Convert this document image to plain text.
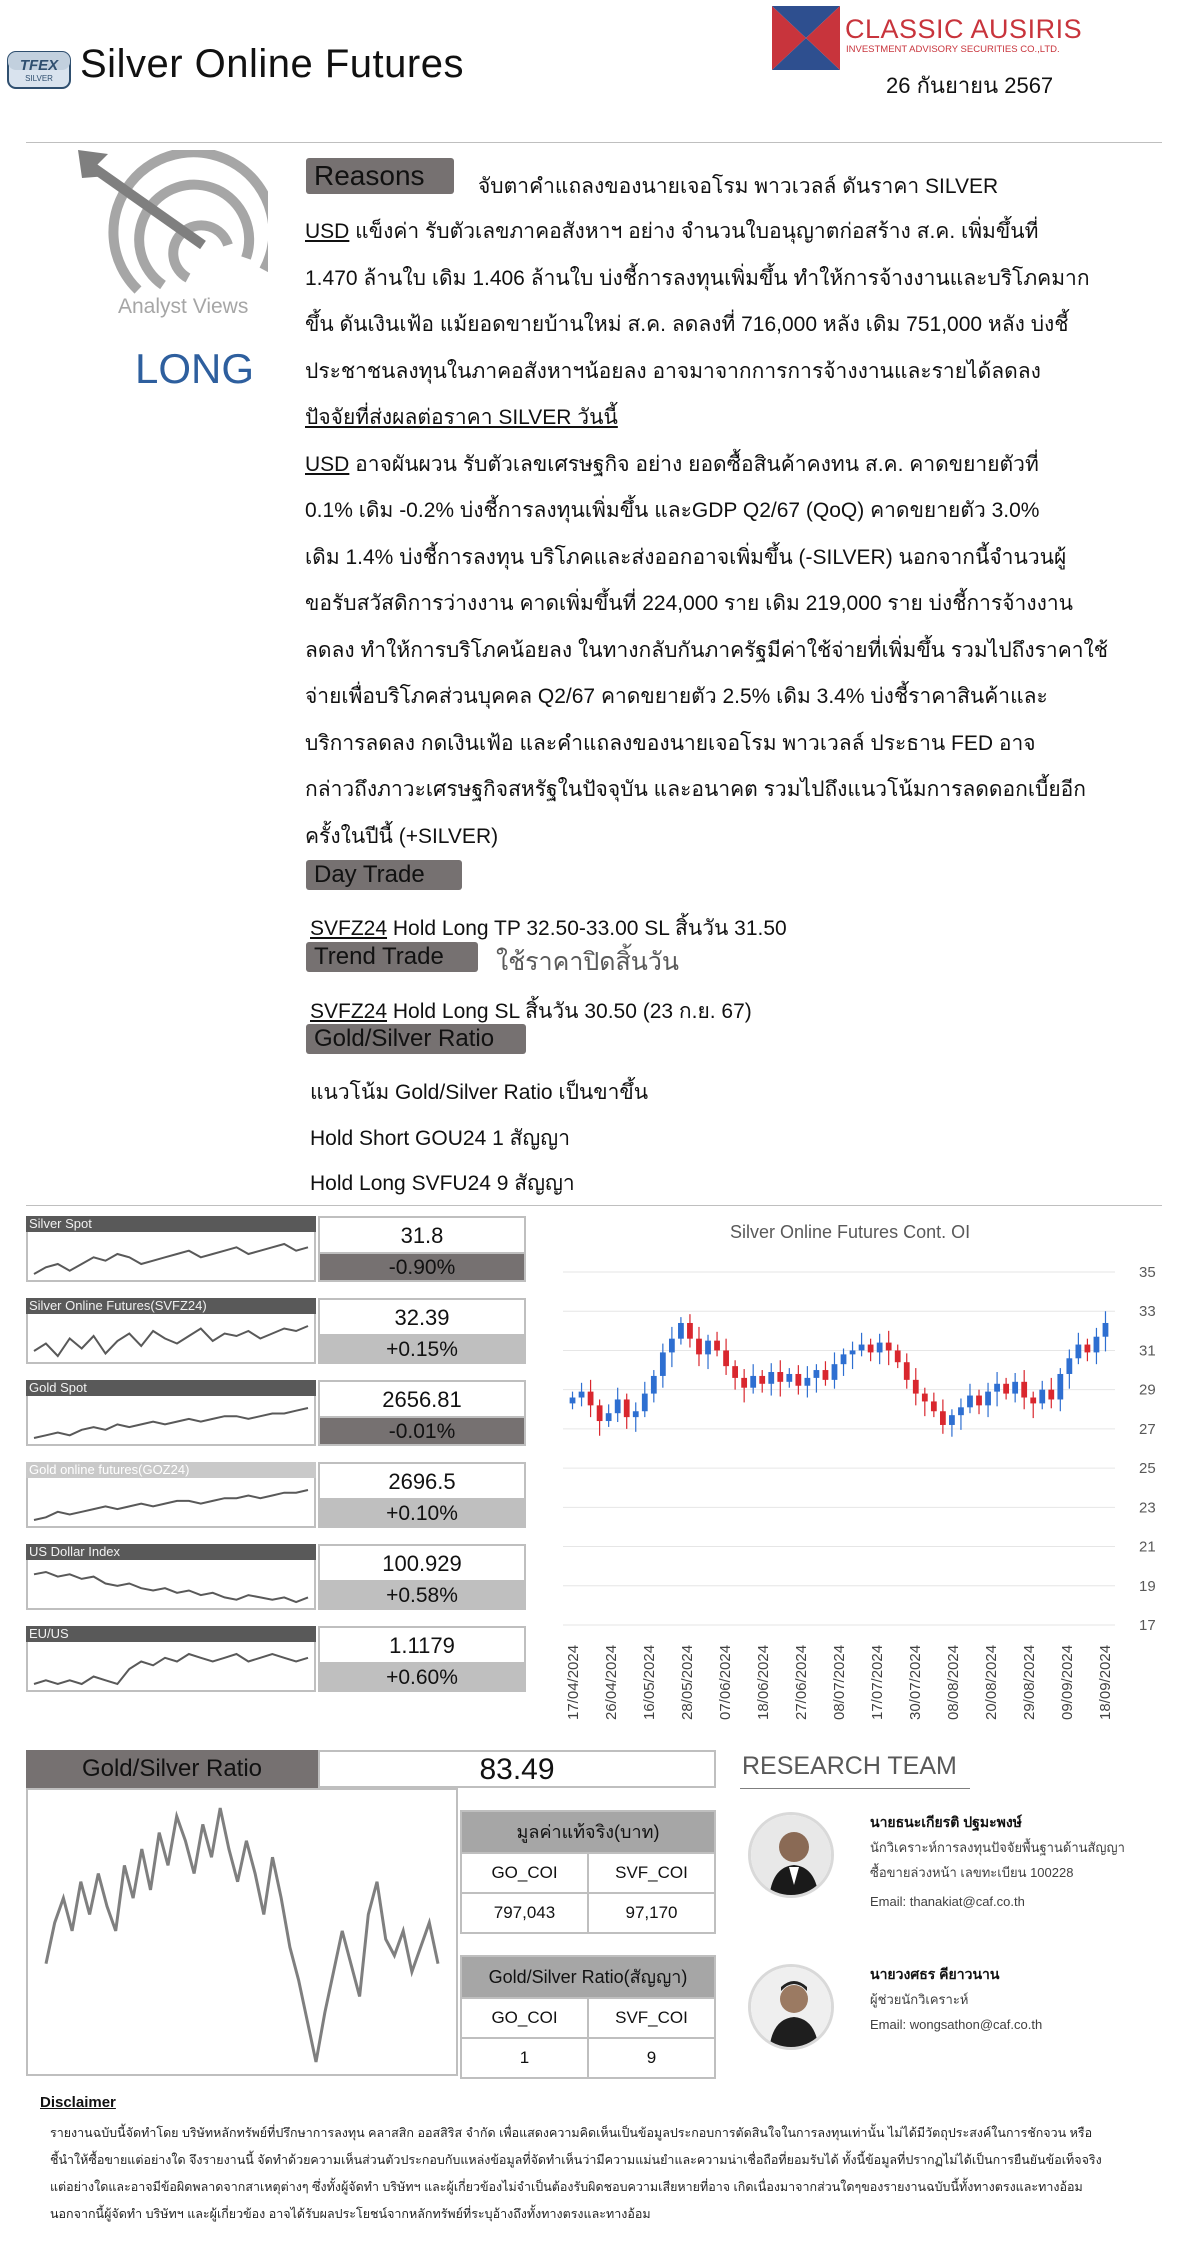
TFEX
SILVER Silver Online Futures
CLASSIC AUSIRIS
INVESTMENT ADVISORY SECURITIES CO.,LTD.
26 กันยายน 2567
Analyst Views
LONG
Reasons	จับตาคำแถลงของนายเจอโรม พาวเวลล์ ดันราคา SILVER
USD แข็งค่า รับตัวเลขภาคอสังหาฯ อย่าง จำนวนใบอนุญาตก่อสร้าง ส.ค. เพิ่มขึ้นที่
1.470 ล้านใบ เดิม 1.406 ล้านใบ บ่งชี้การลงทุนเพิ่มขึ้น ทำให้การจ้างงานและบริโภคมาก
ขึ้น ดันเงินเฟ้อ แม้ยอดขายบ้านใหม่ ส.ค. ลดลงที่ 716,000 หลัง เดิม 751,000 หลัง บ่งชี้
ประชาชนลงทุนในภาคอสังหาฯน้อยลง อาจมาจากการการจ้างงานและรายได้ลดลง
ปัจจัยที่ส่งผลต่อราคา SILVER วันนี้
USD อาจผันผวน รับตัวเลขเศรษฐกิจ อย่าง ยอดซื้อสินค้าคงทน ส.ค. คาดขยายตัวที่
0.1% เดิม -0.2% บ่งชี้การลงทุนเพิ่มขึ้น และGDP Q2/67 (QoQ) คาดขยายตัว 3.0%
เดิม 1.4% บ่งชี้การลงทุน บริโภคและส่งออกอาจเพิ่มขึ้น (-SILVER) นอกจากนี้จำนวนผู้
ขอรับสวัสดิการว่างงาน คาดเพิ่มขึ้นที่ 224,000 ราย เดิม 219,000 ราย บ่งชี้การจ้างงาน
ลดลง ทำให้การบริโภคน้อยลง ในทางกลับกันภาครัฐมีค่าใช้จ่ายที่เพิ่มขึ้น รวมไปถึงราคาใช้
จ่ายเพื่อบริโภคส่วนบุคคล Q2/67 คาดขยายตัว 2.5% เดิม 3.4% บ่งชี้ราคาสินค้าและ
บริการลดลง กดเงินเฟ้อ และคำแถลงของนายเจอโรม พาวเวลล์ ประธาน FED อาจ
กล่าวถึงภาวะเศรษฐกิจสหรัฐในปัจจุบัน และอนาคต รวมไปถึงแนวโน้มการลดดอกเบี้ยอีก
ครั้งในปีนี้ (+SILVER)
Day Trade
SVFZ24 Hold Long TP 32.50-33.00 SL สิ้นวัน 31.50
Trend Trade	ใช้ราคาปิดสิ้นวัน
SVFZ24 Hold Long SL สิ้นวัน 30.50 (23 ก.ย. 67)
Gold/Silver Ratio
แนวโน้ม Gold/Silver Ratio เป็นขาขึ้น
Hold Short GOU24 1 สัญญา
Hold Long SVFU24 9 สัญญา
Silver Spot	31.8
-0.90%
Silver Online Futures(SVFZ24)	32.39
+0.15%
Gold Spot	2656.81
-0.01%
Gold online futures(GOZ24)	2696.5
+0.10%
US Dollar Index	100.929
+0.58%
EU/US	1.1179
+0.60%
Silver Online Futures Cont. OI
17
19
21
23
25
27
29
31
33
35
17/04/2024 26/04/2024 16/05/2024 28/05/2024 07/06/2024 18/06/2024 27/06/2024 08/07/2024 17/07/2024 30/07/2024 08/08/2024 20/08/2024 29/08/2024 09/09/2024 18/09/2024
Gold/Silver Ratio	83.49
มูลค่าแท้จริง(บาท)
GO_COI	SVF_COI
797,043	97,170
Gold/Silver Ratio(สัญญา)
GO_COI	SVF_COI
1	9
RESEARCH TEAM
นายธนะเกียรติ ปฐมะพงษ์
นักวิเคราะห์การลงทุนปัจจัยพื้นฐานด้านสัญญา
ซื้อขายล่วงหน้า เลขทะเบียน 100228
Email: thanakiat@caf.co.th
นายวงศธร คียาวนาน
ผู้ช่วยนักวิเคราะห์
Email: wongsathon@caf.co.th
Disclaimer
รายงานฉบับนี้จัดทำโดย บริษัทหลักทรัพย์ที่ปรึกษาการลงทุน คลาสสิก ออสสิริส จำกัด เพื่อแสดงความคิดเห็นเป็นข้อมูลประกอบการตัดสินใจในการลงทุนเท่านั้น ไม่ได้มีวัตถุประสงค์ในการชักจวน หรือ
ชี้นำให้ซื้อขายแต่อย่างใด จึงรายงานนี้ จัดทำด้วยความเห็นส่วนตัวประกอบกับแหล่งข้อมูลที่จัดทำเห็นว่ามีความแม่นยำและความน่าเชื่อถือที่ยอมรับได้ ทั้งนี้ข้อมูลที่ปรากฏไม่ได้เป็นการยืนยันข้อเท็จจริง
แต่อย่างใดและอาจมีข้อผิดพลาดจากสาเหตุต่างๆ ซึ่งทั้งผู้จัดทำ บริษัทฯ และผู้เกี่ยวข้องไม่จำเป็นต้องรับผิดชอบความเสียหายที่อาจ เกิดเนื่องมาจากส่วนใดๆของรายงานฉบับนี้ทั้งทางตรงและทางอ้อม
นอกจากนี้ผู้จัดทำ บริษัทฯ และผู้เกี่ยวข้อง อาจได้รับผลประโยชน์จากหลักทรัพย์ที่ระบุอ้างถึงทั้งทางตรงและทางอ้อม
